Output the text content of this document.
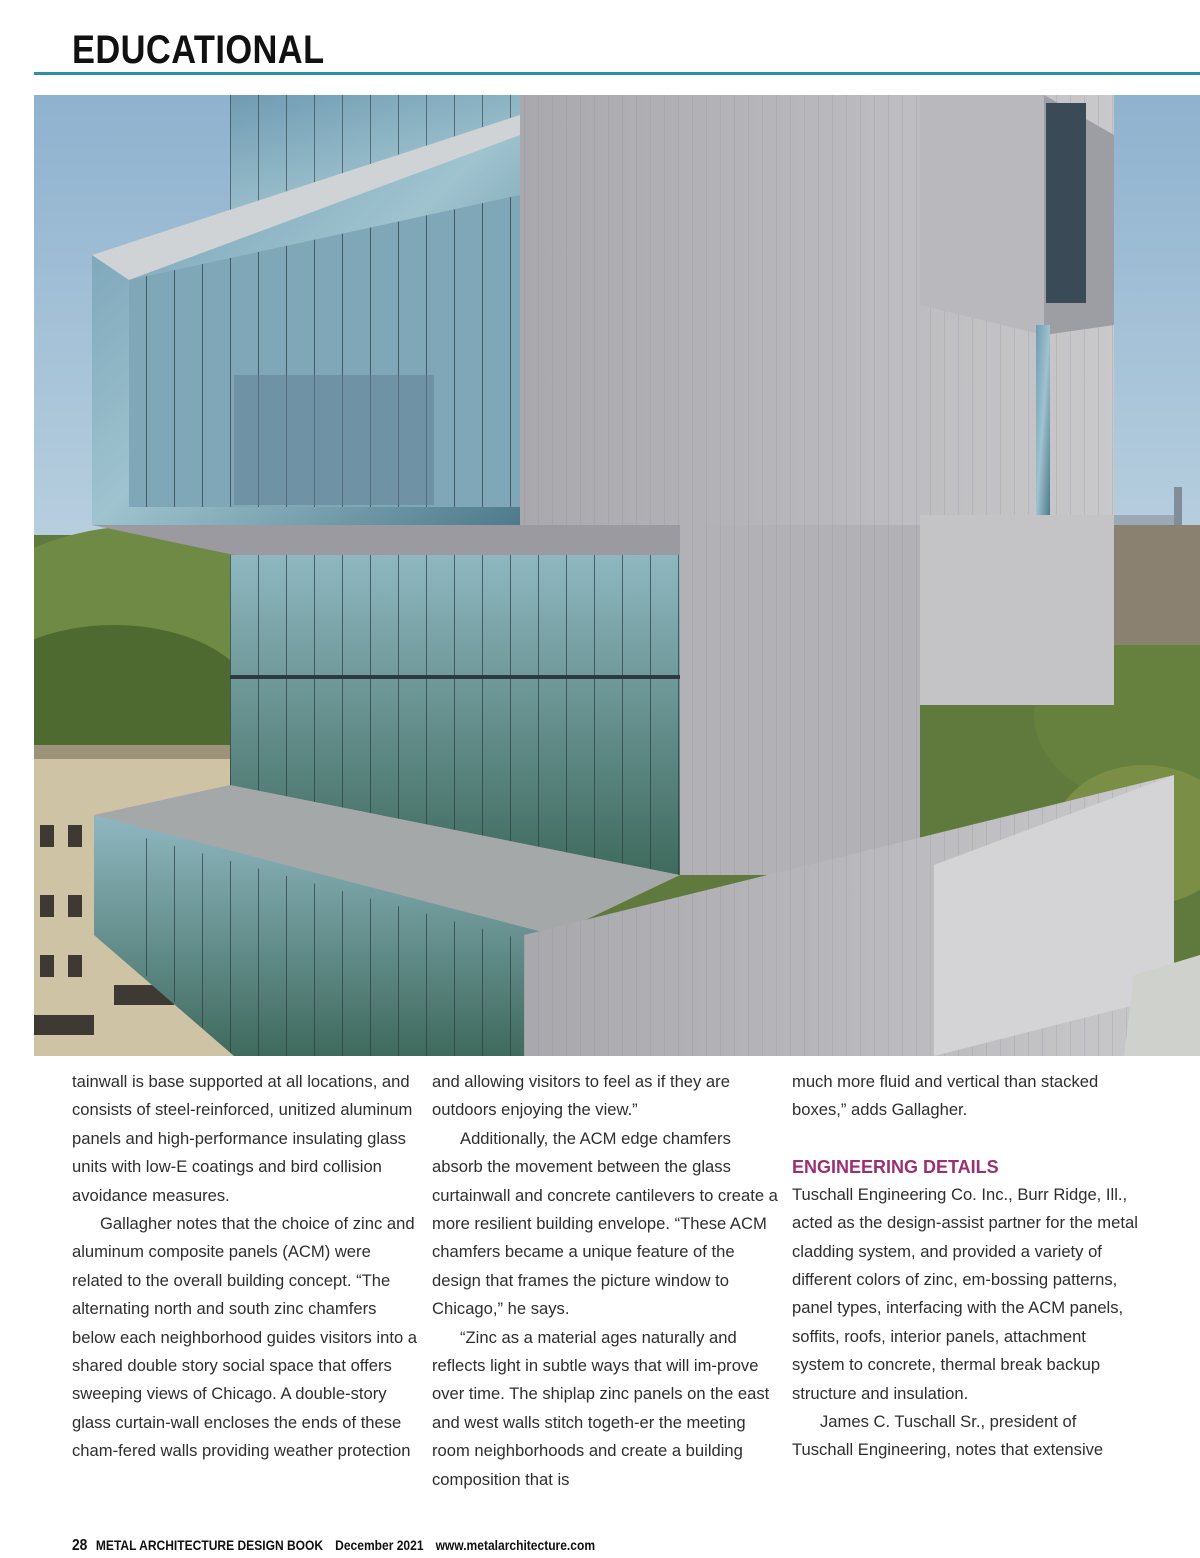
EDUCATIONAL

tainwall is base supported at all locations, and consists of steel-reinforced, unitized aluminum panels and high-performance insulating glass units with low-E coatings and bird collision avoidance measures.

Gallagher notes that the choice of zinc and aluminum composite panels (ACM) were related to the overall building concept. “The alternating north and south zinc chamfers below each neighborhood guides visitors into a shared double story social space that offers sweeping views of Chicago. A double-story glass curtain-wall encloses the ends of these cham-fered walls providing weather protection

and allowing visitors to feel as if they are outdoors enjoying the view.”

Additionally, the ACM edge chamfers absorb the movement between the glass curtainwall and concrete cantilevers to create a more resilient building envelope. “These ACM chamfers became a unique feature of the design that frames the picture window to Chicago,” he says.

“Zinc as a material ages naturally and reflects light in subtle ways that will im-prove over time. The shiplap zinc panels on the east and west walls stitch togeth-er the meeting room neighborhoods and create a building composition that is

much more fluid and vertical than stacked boxes,” adds Gallagher.

ENGINEERING DETAILS

Tuschall Engineering Co. Inc., Burr Ridge, Ill., acted as the design-assist partner for the metal cladding system, and provided a variety of different colors of zinc, em-bossing patterns, panel types, interfacing with the ACM panels, soffits, roofs, interior panels, attachment system to concrete, thermal break backup structure and insulation.

James C. Tuschall Sr., president of Tuschall Engineering, notes that extensive

28 METAL ARCHITECTURE DESIGN BOOK December 2021 www.metalarchitecture.com
